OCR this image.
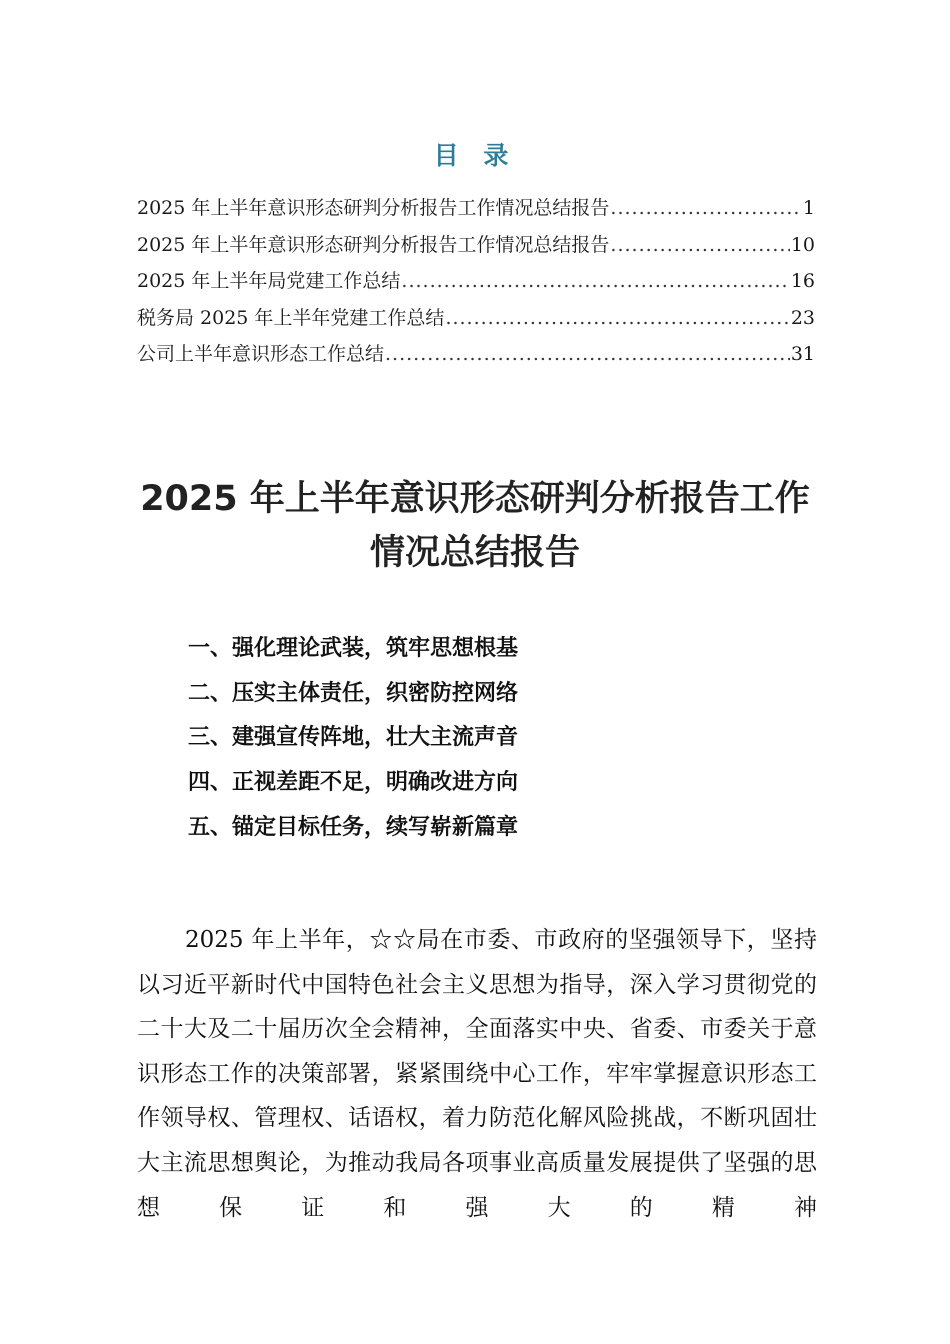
目 录
2025 年上半年意识形态研判分析报告工作情况总结报告 .....	1
2025 年上半年意识形态研判分析报告工作情况总结报告 .....	10
2025 年上半年局党建工作总结 .....	16
税务局 2025 年上半年党建工作总结 .....	23
公司上半年意识形态工作总结 .....	31
2025 年上半年意识形态研判分析报告工作
情况总结报告
一、强化理论武装，筑牢思想根基
二、压实主体责任，织密防控网络
三、建强宣传阵地，壮大主流声音
四、正视差距不足，明确改进方向
五、锚定目标任务，续写崭新篇章

2025 年上半年，☆☆局在市委、市政府的坚强领导下，坚持以习近平新时代中国特色社会主义思想为指导，深入学习贯彻党的二十大及二十届历次全会精神，全面落实中央、省委、市委关于意识形态工作的决策部署，紧紧围绕中心工作，牢牢掌握意识形态工作领导权、管理权、话语权，着力防范化解风险挑战，不断巩固壮大主流思想舆论，为推动我局各项事业高质量发展提供了坚强的思想保证和强大的精神
